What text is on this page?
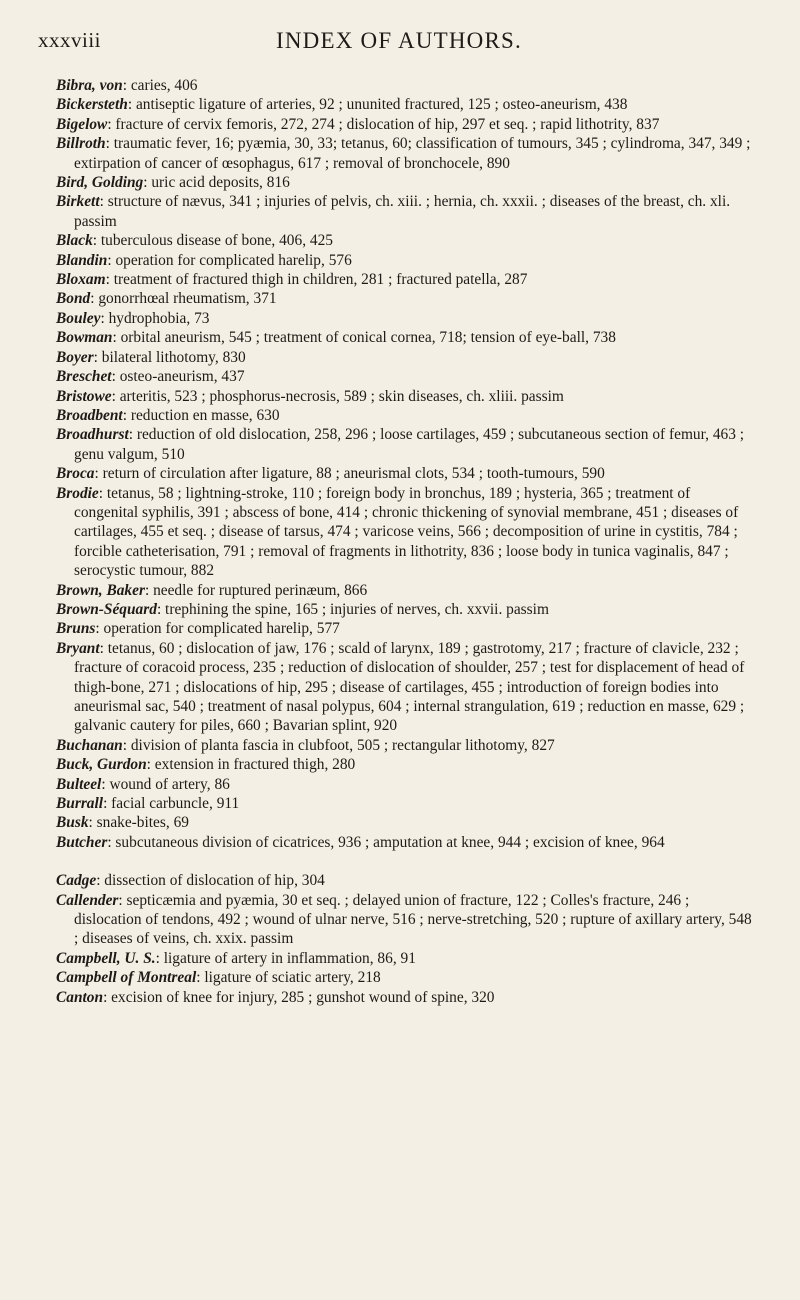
xxxviii	INDEX OF AUTHORS.

Bibra, von: caries, 406

Bickersteth: antiseptic ligature of arteries, 92 ; ununited fractured, 125 ; osteo-aneurism, 438

Bigelow: fracture of cervix femoris, 272, 274 ; dislocation of hip, 297 et seq. ; rapid lithotrity, 837

Billroth: traumatic fever, 16; pyæmia, 30, 33; tetanus, 60; classification of tumours, 345 ; cylindroma, 347, 349 ; extirpation of cancer of œsophagus, 617 ; removal of bronchocele, 890

Bird, Golding: uric acid deposits, 816

Birkett: structure of nævus, 341 ; injuries of pelvis, ch. xiii. ; hernia, ch. xxxii. ; diseases of the breast, ch. xli. passim

Black: tuberculous disease of bone, 406, 425

Blandin: operation for complicated harelip, 576

Bloxam: treatment of fractured thigh in children, 281 ; fractured patella, 287

Bond: gonorrhœal rheumatism, 371

Bouley: hydrophobia, 73

Bowman: orbital aneurism, 545 ; treatment of conical cornea, 718; tension of eye-ball, 738

Boyer: bilateral lithotomy, 830

Breschet: osteo-aneurism, 437

Bristowe: arteritis, 523 ; phosphorus-necrosis, 589 ; skin diseases, ch. xliii. passim

Broadbent: reduction en masse, 630

Broadhurst: reduction of old dislocation, 258, 296 ; loose cartilages, 459 ; subcutaneous section of femur, 463 ; genu valgum, 510

Broca: return of circulation after ligature, 88 ; aneurismal clots, 534 ; tooth-tumours, 590

Brodie: tetanus, 58 ; lightning-stroke, 110 ; foreign body in bronchus, 189 ; hysteria, 365 ; treatment of congenital syphilis, 391 ; abscess of bone, 414 ; chronic thickening of synovial membrane, 451 ; diseases of cartilages, 455 et seq. ; disease of tarsus, 474 ; varicose veins, 566 ; decomposition of urine in cystitis, 784 ; forcible catheterisation, 791 ; removal of fragments in lithotrity, 836 ; loose body in tunica vaginalis, 847 ; serocystic tumour, 882

Brown, Baker: needle for ruptured perinæum, 866

Brown-Séquard: trephining the spine, 165 ; injuries of nerves, ch. xxvii. passim

Bruns: operation for complicated harelip, 577

Bryant: tetanus, 60 ; dislocation of jaw, 176 ; scald of larynx, 189 ; gastrotomy, 217 ; fracture of clavicle, 232 ; fracture of coracoid process, 235 ; reduction of dislocation of shoulder, 257 ; test for displacement of head of thigh-bone, 271 ; dislocations of hip, 295 ; disease of cartilages, 455 ; introduction of foreign bodies into aneurismal sac, 540 ; treatment of nasal polypus, 604 ; internal strangulation, 619 ; reduction en masse, 629 ; galvanic cautery for piles, 660 ; Bavarian splint, 920

Buchanan: division of planta fascia in clubfoot, 505 ; rectangular lithotomy, 827

Buck, Gurdon: extension in fractured thigh, 280

Bulteel: wound of artery, 86

Burrall: facial carbuncle, 911

Busk: snake-bites, 69

Butcher: subcutaneous division of cicatrices, 936 ; amputation at knee, 944 ; excision of knee, 964

Cadge: dissection of dislocation of hip, 304

Callender: septicæmia and pyæmia, 30 et seq. ; delayed union of fracture, 122 ; Colles's fracture, 246 ; dislocation of tendons, 492 ; wound of ulnar nerve, 516 ; nerve-stretching, 520 ; rupture of axillary artery, 548 ; diseases of veins, ch. xxix. passim

Campbell, U. S.: ligature of artery in inflammation, 86, 91

Campbell of Montreal: ligature of sciatic artery, 218

Canton: excision of knee for injury, 285 ; gunshot wound of spine, 320
